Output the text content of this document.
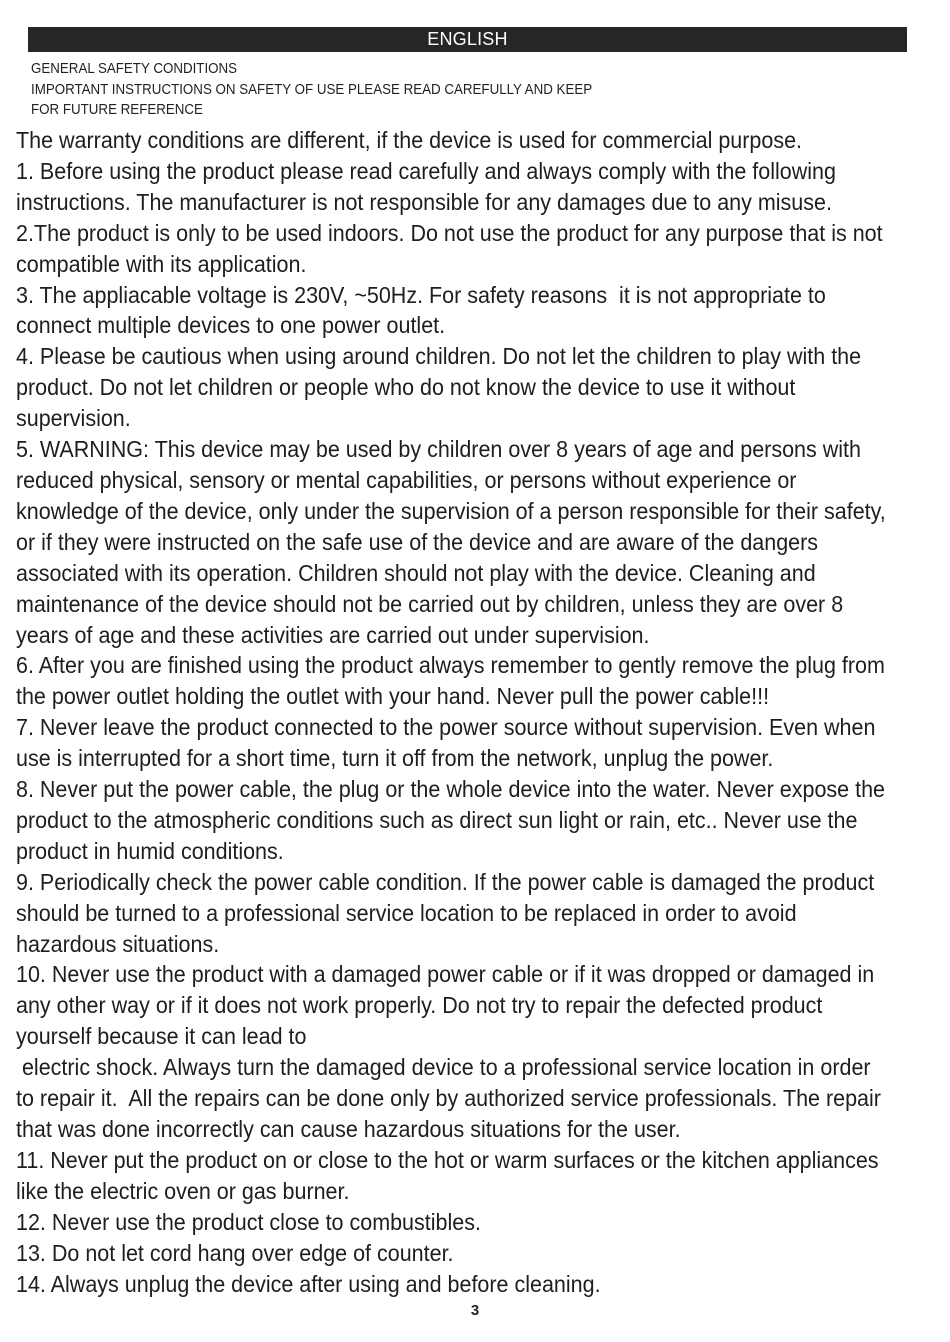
ENGLISH
GENERAL SAFETY CONDITIONS
IMPORTANT INSTRUCTIONS ON SAFETY OF USE PLEASE READ CAREFULLY AND KEEP
FOR FUTURE REFERENCE
The warranty conditions are different, if the device is used for commercial purpose.
1. Before using the product please read carefully and always comply with the following
instructions. The manufacturer is not responsible for any damages due to any misuse.
2.The product is only to be used indoors. Do not use the product for any purpose that is not
compatible with its application.
3. The appliacable voltage is 230V, ~50Hz. For safety reasons  it is not appropriate to
connect multiple devices to one power outlet.
4. Please be cautious when using around children. Do not let the children to play with the
product. Do not let children or people who do not know the device to use it without
supervision.
5. WARNING: This device may be used by children over 8 years of age and persons with
reduced physical, sensory or mental capabilities, or persons without experience or
knowledge of the device, only under the supervision of a person responsible for their safety,
or if they were instructed on the safe use of the device and are aware of the dangers
associated with its operation. Children should not play with the device. Cleaning and
maintenance of the device should not be carried out by children, unless they are over 8
years of age and these activities are carried out under supervision.
6. After you are finished using the product always remember to gently remove the plug from
the power outlet holding the outlet with your hand. Never pull the power cable!!!
7. Never leave the product connected to the power source without supervision. Even when
use is interrupted for a short time, turn it off from the network, unplug the power.
8. Never put the power cable, the plug or the whole device into the water. Never expose the
product to the atmospheric conditions such as direct sun light or rain, etc.. Never use the
product in humid conditions.
9. Periodically check the power cable condition. If the power cable is damaged the product
should be turned to a professional service location to be replaced in order to avoid
hazardous situations.
10. Never use the product with a damaged power cable or if it was dropped or damaged in
any other way or if it does not work properly. Do not try to repair the defected product
yourself because it can lead to
electric shock. Always turn the damaged device to a professional service location in order
to repair it.  All the repairs can be done only by authorized service professionals. The repair
that was done incorrectly can cause hazardous situations for the user.
11. Never put the product on or close to the hot or warm surfaces or the kitchen appliances
like the electric oven or gas burner.
12. Never use the product close to combustibles.
13. Do not let cord hang over edge of counter.
14. Always unplug the device after using and before cleaning.
3
